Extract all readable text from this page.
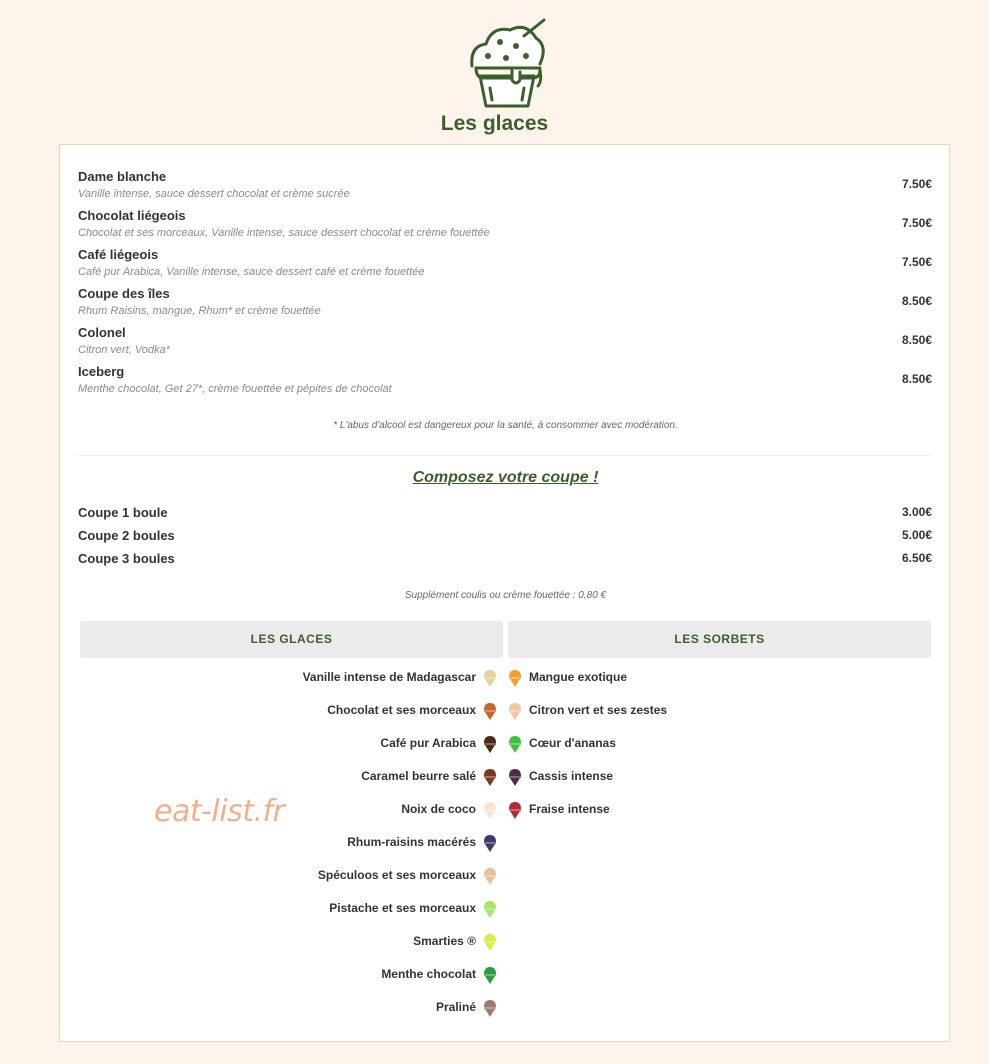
Les glaces
Dame blanche
Vanille intense, sauce dessert chocolat et crème sucrée
7.50€
Chocolat liégeois
Chocolat et ses morceaux, Vanille intense, sauce dessert chocolat et crème fouettée
7.50€
Café liégeois
Café pur Arabica, Vanille intense, sauce dessert café et crème fouettée
7.50€
Coupe des îles
Rhum Raisins, mangue, Rhum* et crème fouettée
8.50€
Colonel
Citron vert, Vodka*
8.50€
Iceberg
Menthe chocolat, Get 27*, crème fouettée et pépites de chocolat
8.50€
* L'abus d'alcool est dangereux pour la santé, à consommer avec modération.
Composez votre coupe !
Coupe 1 boule	3.00€
Coupe 2 boules	5.00€
Coupe 3 boules	6.50€
Supplément coulis ou crème fouettée : 0,80 €
LES GLACES	LES SORBETS
Vanille intense de Madagascar
Chocolat et ses morceaux
Café pur Arabica
Caramel beurre salé
Noix de coco
Rhum-raisins macérés
Spéculoos et ses morceaux
Pistache et ses morceaux
Smarties ®
Menthe chocolat
Praliné
Mangue exotique
Citron vert et ses zestes
Cœur d'ananas
Cassis intense
Fraise intense
eat-list.fr
